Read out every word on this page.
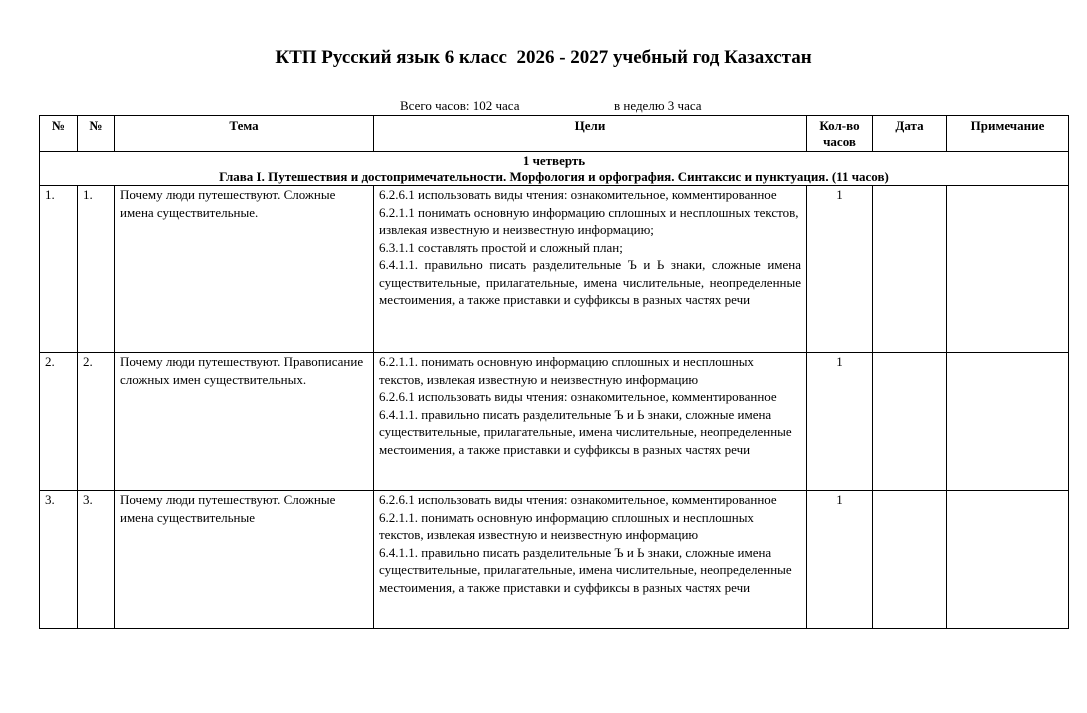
КТП Русский язык 6 класс  2026 - 2027 учебный год Казахстан
Всего часов: 102 часа	в неделю 3 часа
№	№	Тема	Цели	Кол-во часов	Дата	Примечание

1 четверть
Глава I. Путешествия и достопримечательности. Морфология и орфография. Синтаксис и пунктуация. (11 часов)						

1.	1.	Почему люди путешествуют. Сложные имена существительные.	6.2.6.1 использовать виды чтения: ознакомительное, комментированное
6.2.1.1 понимать основную информацию сплошных и несплошных текстов, извлекая известную и неизвестную информацию;
6.3.1.1 составлять простой и сложный план;
6.4.1.1. правильно писать разделительные Ъ и Ь знаки, сложные имена существительные, прилагательные, имена числительные, неопределенные местоимения, а также приставки и суффиксы в разных частях речи	1		
2.	2.	Почему люди путешествуют. Правописание сложных имен существительных.	6.2.1.1. понимать основную информацию сплошных и несплошных текстов, извлекая известную и неизвестную информацию
6.2.6.1 использовать виды чтения: ознакомительное, комментированное
6.4.1.1. правильно писать разделительные Ъ и Ь знаки, сложные имена существительные, прилагательные, имена числительные, неопределенные местоимения, а также приставки и суффиксы в разных частях речи	1		
3.	3.	Почему люди путешествуют. Сложные имена существительные	6.2.6.1 использовать виды чтения: ознакомительное, комментированное
6.2.1.1. понимать основную информацию сплошных и несплошных текстов, извлекая известную и неизвестную информацию
6.4.1.1. правильно писать разделительные Ъ и Ь знаки, сложные имена существительные, прилагательные, имена числительные, неопределенные местоимения, а также приставки и суффиксы в разных частях речи	1		
